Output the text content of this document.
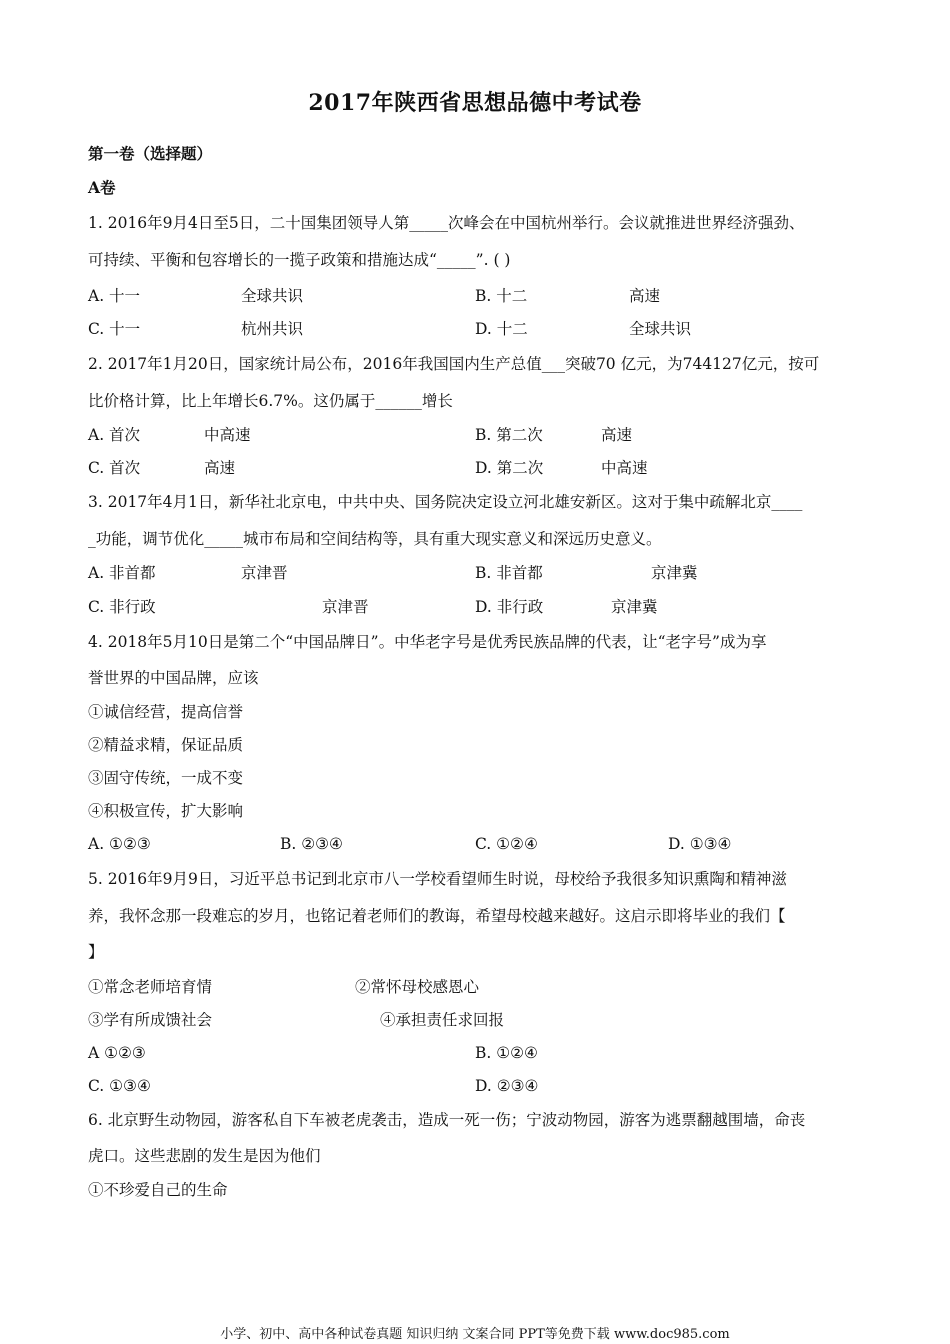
2017年陕西省思想品德中考试卷
第一卷（选择题）
A卷
1. 2016年9月4日至5日，二十国集团领导人第_____次峰会在中国杭州举行。会议就推进世界经济强劲、
可持续、平衡和包容增长的一揽子政策和措施达成“_____”. ( )
A. 十一	全球共识	B. 十二	高速
C. 十一	杭州共识	D. 十二	全球共识
2. 2017年1月20日，国家统计局公布，2016年我国国内生产总值___突破70 亿元，为744127亿元，按可
比价格计算，比上年增长6.7%。这仍属于______增长
A. 首次	中高速	B. 第二次	高速
C. 首次	高速	D. 第二次	中高速
3. 2017年4月1日，新华社北京电，中共中央、国务院决定设立河北雄安新区。这对于集中疏解北京____
_功能，调节优化_____城市布局和空间结构等，具有重大现实意义和深远历史意义。
A. 非首都	京津晋	B. 非首都	京津冀
C. 非行政	京津晋	D. 非行政	京津冀
4. 2018年5月10日是第二个“中国品牌日”。中华老字号是优秀民族品牌的代表，让“老字号”成为享
誉世界的中国品牌，应该
①诚信经营，提高信誉
②精益求精，保证品质
③固守传统，一成不变
④积极宣传，扩大影响
A. ①②③	B. ②③④	C. ①②④	D. ①③④
5. 2016年9月9日，习近平总书记到北京市八一学校看望师生时说，母校给予我很多知识熏陶和精神滋
养，我怀念那一段难忘的岁月，也铭记着老师们的教诲，希望母校越来越好。这启示即将毕业的我们【
】
①常念老师培育情	②常怀母校感恩心
③学有所成馈社会	④承担责任求回报
A ①②③	B. ①②④
C. ①③④	D. ②③④
6. 北京野生动物园，游客私自下车被老虎袭击，造成一死一伤；宁波动物园，游客为逃票翻越围墙，命丧
虎口。这些悲剧的发生是因为他们
①不珍爱自己的生命
小学、初中、高中各种试卷真题 知识归纳 文案合同 PPT等免费下载 www.doc985.com
